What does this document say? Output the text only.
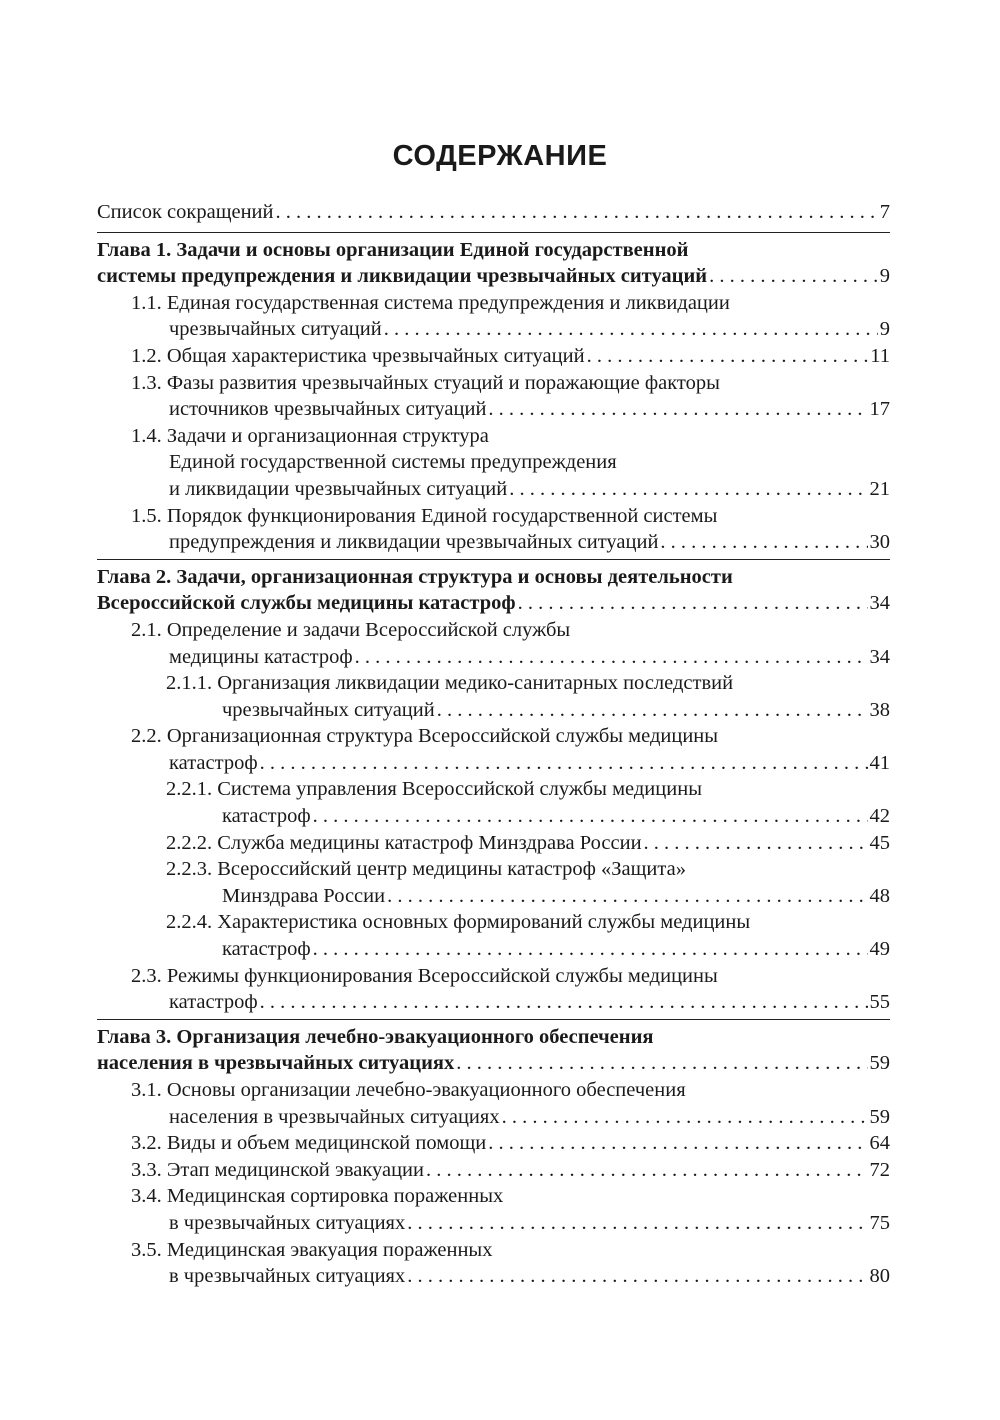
СОДЕРЖАНИЕ
Список сокращений . . .	7
Глава 1. Задачи и основы организации Единой государственной
системы предупреждения и ликвидации чрезвычайных ситуаций . . .	9
1.1. Единая государственная система предупреждения и ликвидации
чрезвычайных ситуаций . . .	9
1.2. Общая характеристика чрезвычайных ситуаций . . .	11
1.3. Фазы развития чрезвычайных стуаций и поражающие факторы
источников чрезвычайных ситуаций . . .	17
1.4. Задачи и организационная структура
Единой государственной системы предупреждения
и ликвидации чрезвычайных ситуаций . . .	21
1.5. Порядок функционирования Единой государственной системы
предупреждения и ликвидации чрезвычайных ситуаций . . .	30
Глава 2. Задачи, организационная структура и основы деятельности
Всероссийской службы медицины катастроф . . .	34
2.1. Определение и задачи Всероссийской службы
медицины катастроф . . .	34
2.1.1. Организация ликвидации медико-санитарных последствий
чрезвычайных ситуаций . . .	38
2.2. Организационная структура Всероссийской службы медицины
катастроф . . .	41
2.2.1. Система управления Всероссийской службы медицины
катастроф . . .	42
2.2.2. Служба медицины катастроф Минздрава России . . .	45
2.2.3. Всероссийский центр медицины катастроф «Защита»
Минздрава России . . .	48
2.2.4. Характеристика основных формирований службы медицины
катастроф . . .	49
2.3. Режимы функционирования Всероссийской службы медицины
катастроф . . .	55
Глава 3. Организация лечебно-эвакуационного обеспечения
населения в чрезвычайных ситуациях . . .	59
3.1. Основы организации лечебно-эвакуационного обеспечения
населения в чрезвычайных ситуациях . . .	59
3.2. Виды и объем медицинской помощи . . .	64
3.3. Этап медицинской эвакуации . . .	72
3.4. Медицинская сортировка пораженных
в чрезвычайных ситуациях . . .	75
3.5. Медицинская эвакуация пораженных
в чрезвычайных ситуациях . . .	80
